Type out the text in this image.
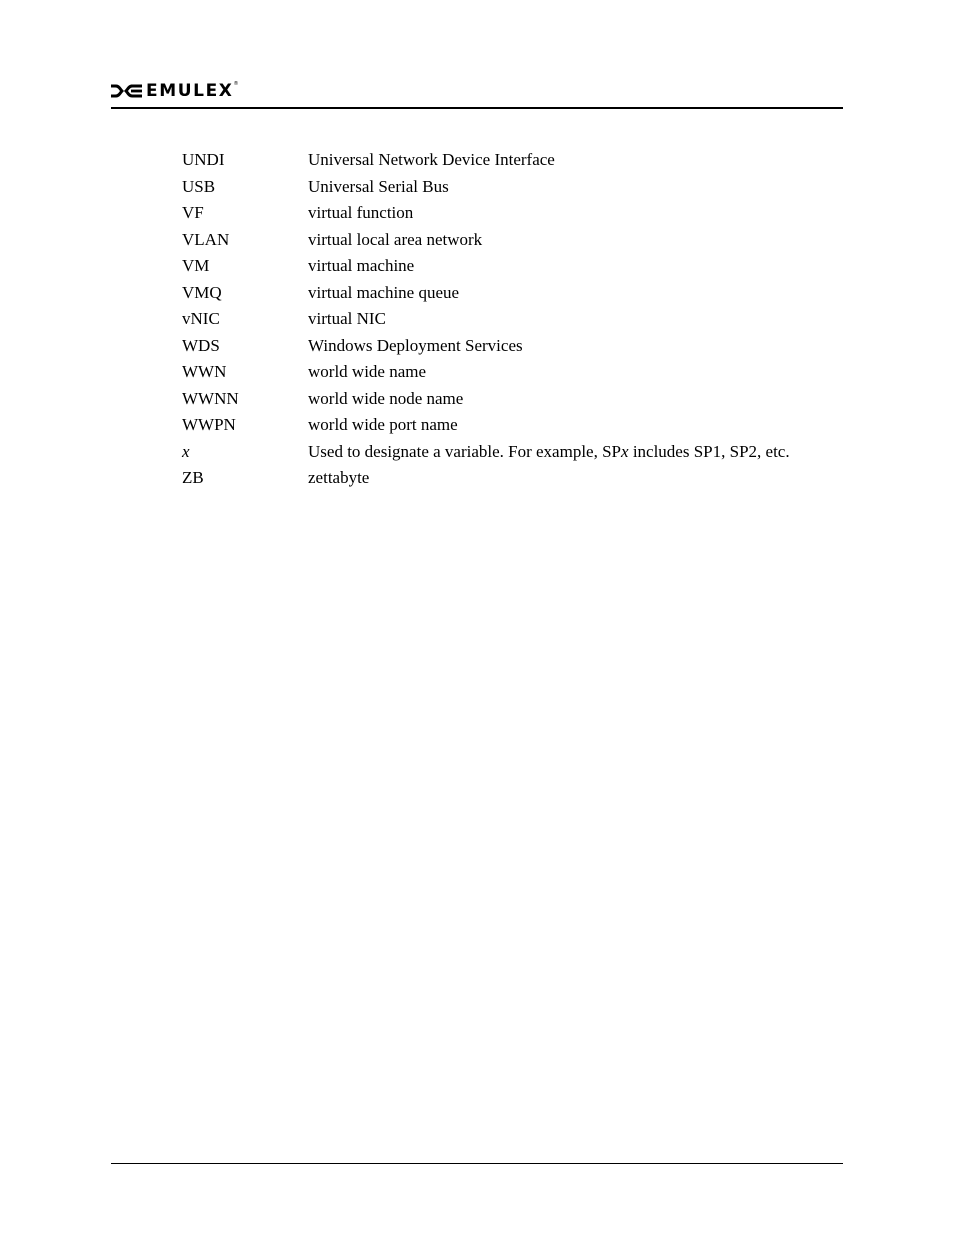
EMULEX ®
UNDI	Universal Network Device Interface
USB	Universal Serial Bus
VF	virtual function
VLAN	virtual local area network
VM	virtual machine
VMQ	virtual machine queue
vNIC	virtual NIC
WDS	Windows Deployment Services
WWN	world wide name
WWNN	world wide node name
WWPN	world wide port name
x	Used to designate a variable. For example, SPx includes SP1, SP2, etc.
ZB	zettabyte
